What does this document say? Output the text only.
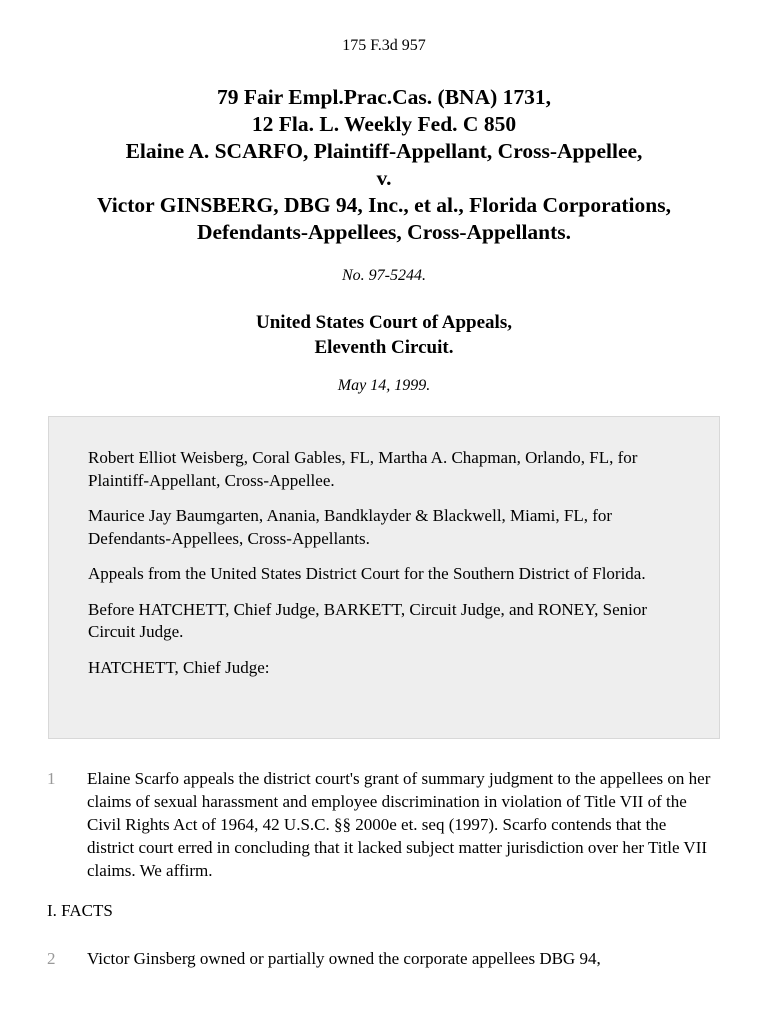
175 F.3d 957
79 Fair Empl.Prac.Cas. (BNA) 1731,
12 Fla. L. Weekly Fed. C 850
Elaine A. SCARFO, Plaintiff-Appellant, Cross-Appellee,
v.
Victor GINSBERG, DBG 94, Inc., et al., Florida Corporations,
Defendants-Appellees, Cross-Appellants.
No. 97-5244.
United States Court of Appeals,
Eleventh Circuit.
May 14, 1999.

Robert Elliot Weisberg, Coral Gables, FL, Martha A. Chapman, Orlando, FL, for Plaintiff-Appellant, Cross-Appellee.

Maurice Jay Baumgarten, Anania, Bandklayder & Blackwell, Miami, FL, for Defendants-Appellees, Cross-Appellants.

Appeals from the United States District Court for the Southern District of Florida.

Before HATCHETT, Chief Judge, BARKETT, Circuit Judge, and RONEY, Senior Circuit Judge.

HATCHETT, Chief Judge:

1 Elaine Scarfo appeals the district court's grant of summary judgment to the appellees on her claims of sexual harassment and employee discrimination in violation of Title VII of the Civil Rights Act of 1964, 42 U.S.C. §§ 2000e et. seq (1997). Scarfo contends that the district court erred in concluding that it lacked subject matter jurisdiction over her Title VII claims. We affirm.
I. FACTS
2 Victor Ginsberg owned or partially owned the corporate appellees DBG 94,
